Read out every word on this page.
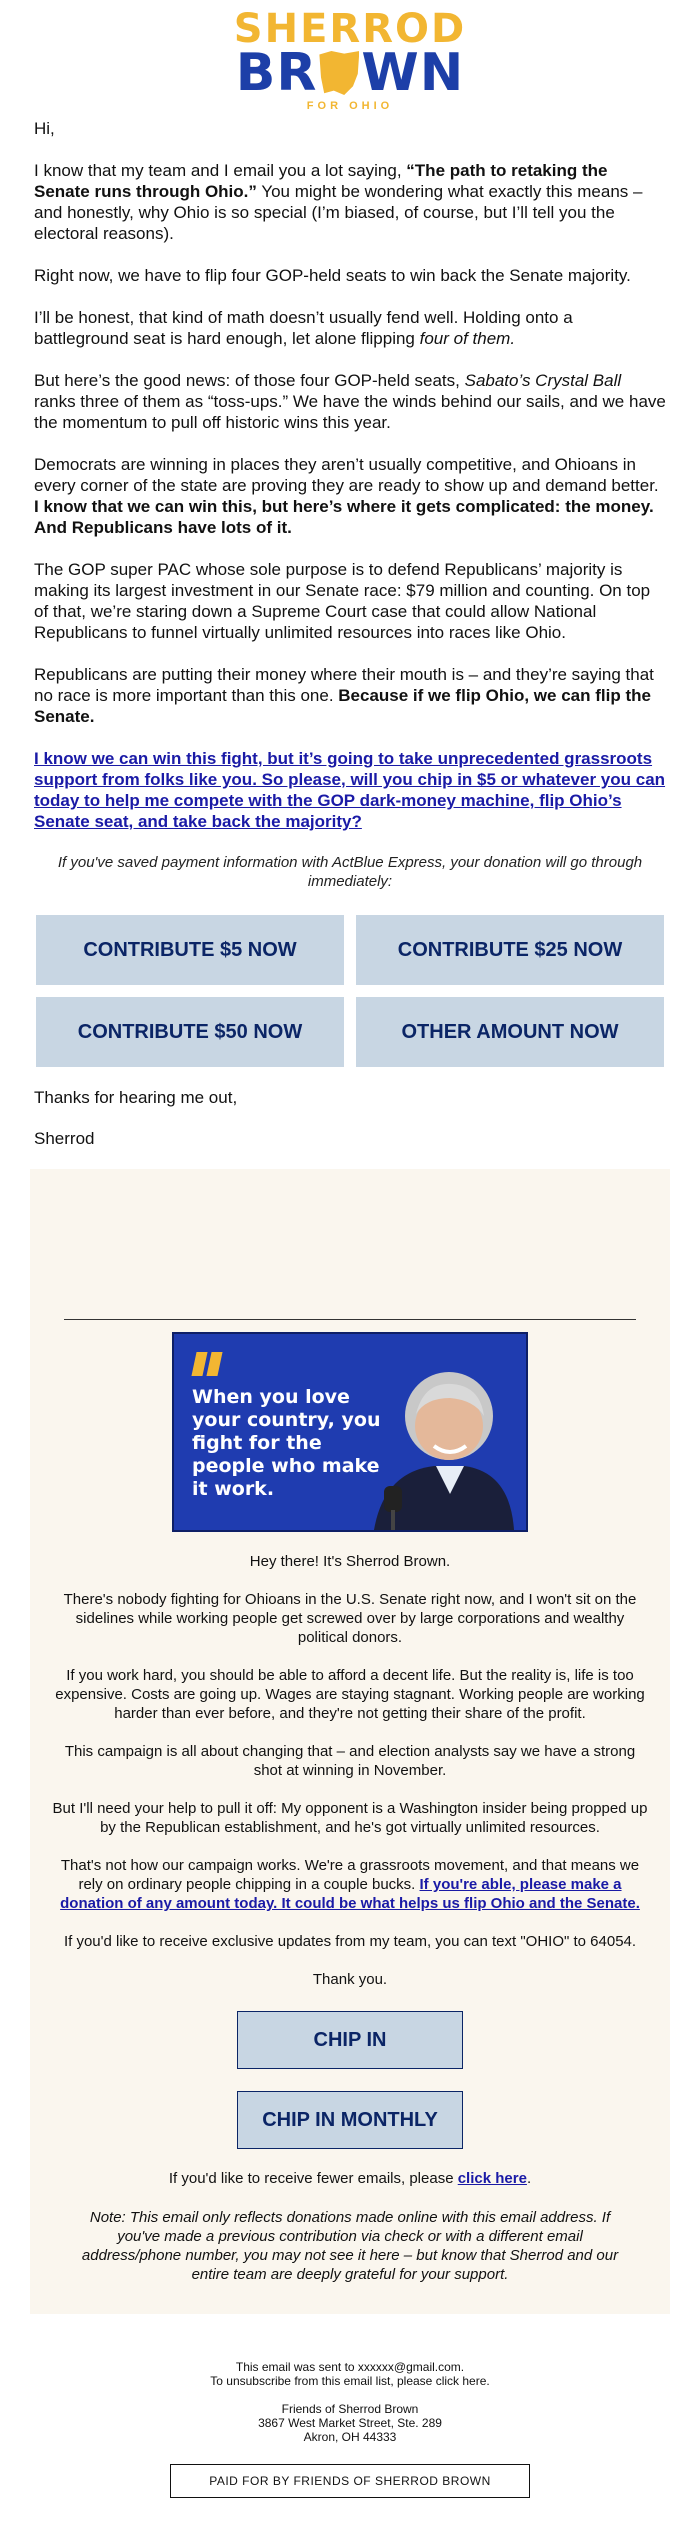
SHERROD
BR WN
FOR OHIO

Hi,

I know that my team and I email you a lot saying, “The path to retaking the Senate runs through Ohio.” You might be wondering what exactly this means – and honestly, why Ohio is so special (I’m biased, of course, but I’ll tell you the electoral reasons).

Right now, we have to flip four GOP-held seats to win back the Senate majority.

I’ll be honest, that kind of math doesn’t usually fend well. Holding onto a battleground seat is hard enough, let alone flipping four of them.

But here’s the good news: of those four GOP-held seats, Sabato’s Crystal Ball ranks three of them as “toss-ups.” We have the winds behind our sails, and we have the momentum to pull off historic wins this year.

Democrats are winning in places they aren’t usually competitive, and Ohioans in every corner of the state are proving they are ready to show up and demand better. I know that we can win this, but here’s where it gets complicated: the money. And Republicans have lots of it.

The GOP super PAC whose sole purpose is to defend Republicans’ majority is making its largest investment in our Senate race: $79 million and counting. On top of that, we’re staring down a Supreme Court case that could allow National Republicans to funnel virtually unlimited resources into races like Ohio.

Republicans are putting their money where their mouth is – and they’re saying that no race is more important than this one. Because if we flip Ohio, we can flip the Senate.

I know we can win this fight, but it’s going to take unprecedented grassroots support from folks like you. So please, will you chip in $5 or whatever you can today to help me compete with the GOP dark-money machine, flip Ohio’s Senate seat, and take back the majority?

If you've saved payment information with ActBlue Express, your donation will go through immediately:
CONTRIBUTE $5 NOW	CONTRIBUTE $25 NOW
CONTRIBUTE $50 NOW	OTHER AMOUNT NOW

Thanks for hearing me out,

Sherrod

When you love your country, you fight for the people who make it work.

Hey there! It's Sherrod Brown.

There's nobody fighting for Ohioans in the U.S. Senate right now, and I won't sit on the sidelines while working people get screwed over by large corporations and wealthy political donors.

If you work hard, you should be able to afford a decent life. But the reality is, life is too expensive. Costs are going up. Wages are staying stagnant. Working people are working harder than ever before, and they're not getting their share of the profit.

This campaign is all about changing that – and election analysts say we have a strong shot at winning in November.

But I'll need your help to pull it off: My opponent is a Washington insider being propped up by the Republican establishment, and he's got virtually unlimited resources.

That's not how our campaign works. We're a grassroots movement, and that means we rely on ordinary people chipping in a couple bucks. If you're able, please make a donation of any amount today. It could be what helps us flip Ohio and the Senate.

If you'd like to receive exclusive updates from my team, you can text "OHIO" to 64054.

Thank you.

CHIP IN
CHIP IN MONTHLY

If you'd like to receive fewer emails, please click here.

Note: This email only reflects donations made online with this email address. If you've made a previous contribution via check or with a different email address/phone number, you may not see it here – but know that Sherrod and our entire team are deeply grateful for your support.
This email was sent to xxxxxx@gmail.com.
To unsubscribe from this email list, please click here.
Friends of Sherrod Brown
3867 West Market Street, Ste. 289
Akron, OH 44333
PAID FOR BY FRIENDS OF SHERROD BROWN
